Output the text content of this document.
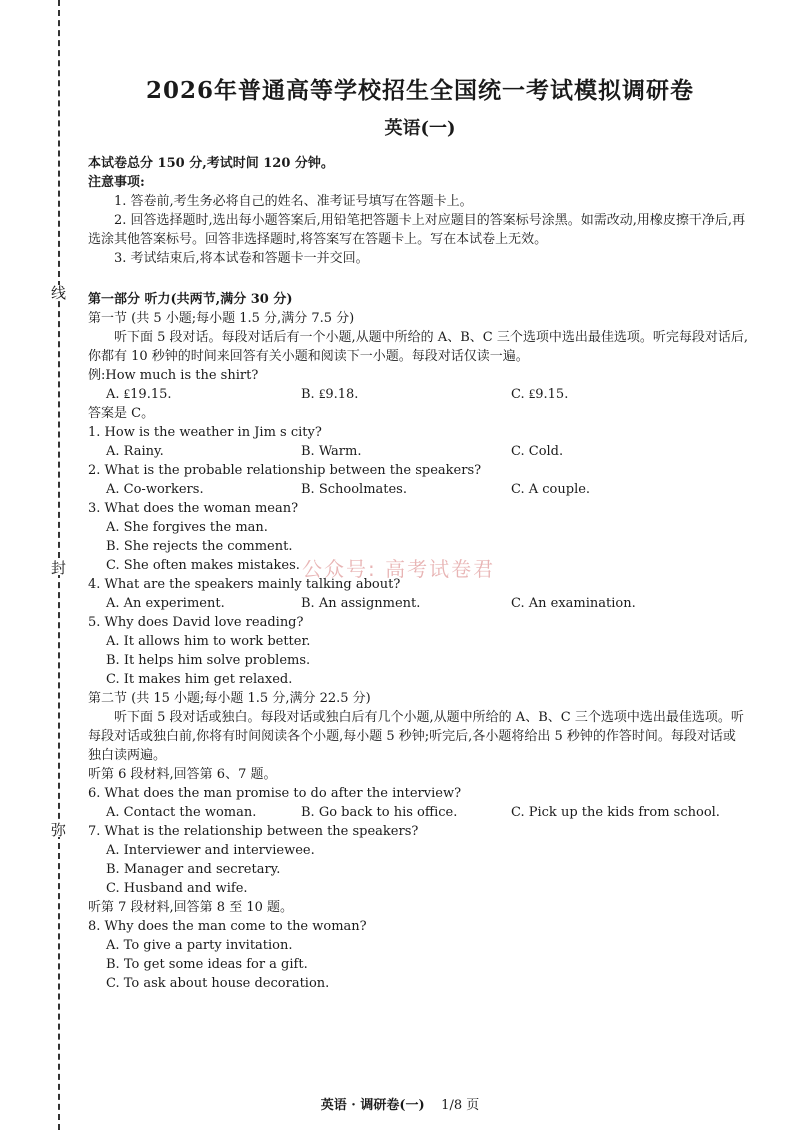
线
封
弥
2026年普通高等学校招生全国统一考试模拟调研卷
英语(一)

本试卷总分 150 分,考试时间 120 分钟。

注意事项:

1. 答卷前,考生务必将自己的姓名、准考证号填写在答题卡上。

2. 回答选择题时,选出每小题答案后,用铅笔把答题卡上对应题目的答案标号涂黑。如需改动,用橡皮擦干净后,再选涂其他答案标号。回答非选择题时,将答案写在答题卡上。写在本试卷上无效。

3. 考试结束后,将本试卷和答题卡一并交回。

第一部分 听力(共两节,满分 30 分)

第一节 (共 5 小题;每小题 1.5 分,满分 7.5 分)

听下面 5 段对话。每段对话后有一个小题,从题中所给的 A、B、C 三个选项中选出最佳选项。听完每段对话后,你都有 10 秒钟的时间来回答有关小题和阅读下一小题。每段对话仅读一遍。

例:How much is the shirt?

A. ₤19.15.	B. ₤9.18.	C. ₤9.15.

答案是 C。

1. How is the weather in Jim s city?

A. Rainy.	B. Warm.	C. Cold.

2. What is the probable relationship between the speakers?

A. Co-workers.	B. Schoolmates.	C. A couple.

3. What does the woman mean?

A. She forgives the man.

B. She rejects the comment.

C. She often makes mistakes.

4. What are the speakers mainly talking about?

A. An experiment.	B. An assignment.	C. An examination.

5. Why does David love reading?

A. It allows him to work better.

B. It helps him solve problems.

C. It makes him get relaxed.

第二节 (共 15 小题;每小题 1.5 分,满分 22.5 分)

听下面 5 段对话或独白。每段对话或独白后有几个小题,从题中所给的 A、B、C 三个选项中选出最佳选项。听每段对话或独白前,你将有时间阅读各个小题,每小题 5 秒钟;听完后,各小题将给出 5 秒钟的作答时间。每段对话或独白读两遍。

听第 6 段材料,回答第 6、7 题。

6. What does the man promise to do after the interview?

A. Contact the woman.	B. Go back to his office.	C. Pick up the kids from school.

7. What is the relationship between the speakers?

A. Interviewer and interviewee.

B. Manager and secretary.

C. Husband and wife.

听第 7 段材料,回答第 8 至 10 题。

8. Why does the man come to the woman?

A. To give a party invitation.

B. To get some ideas for a gift.

C. To ask about house decoration.

公众号: 高考试卷君
英语 · 调研卷(一) 1/8 页
